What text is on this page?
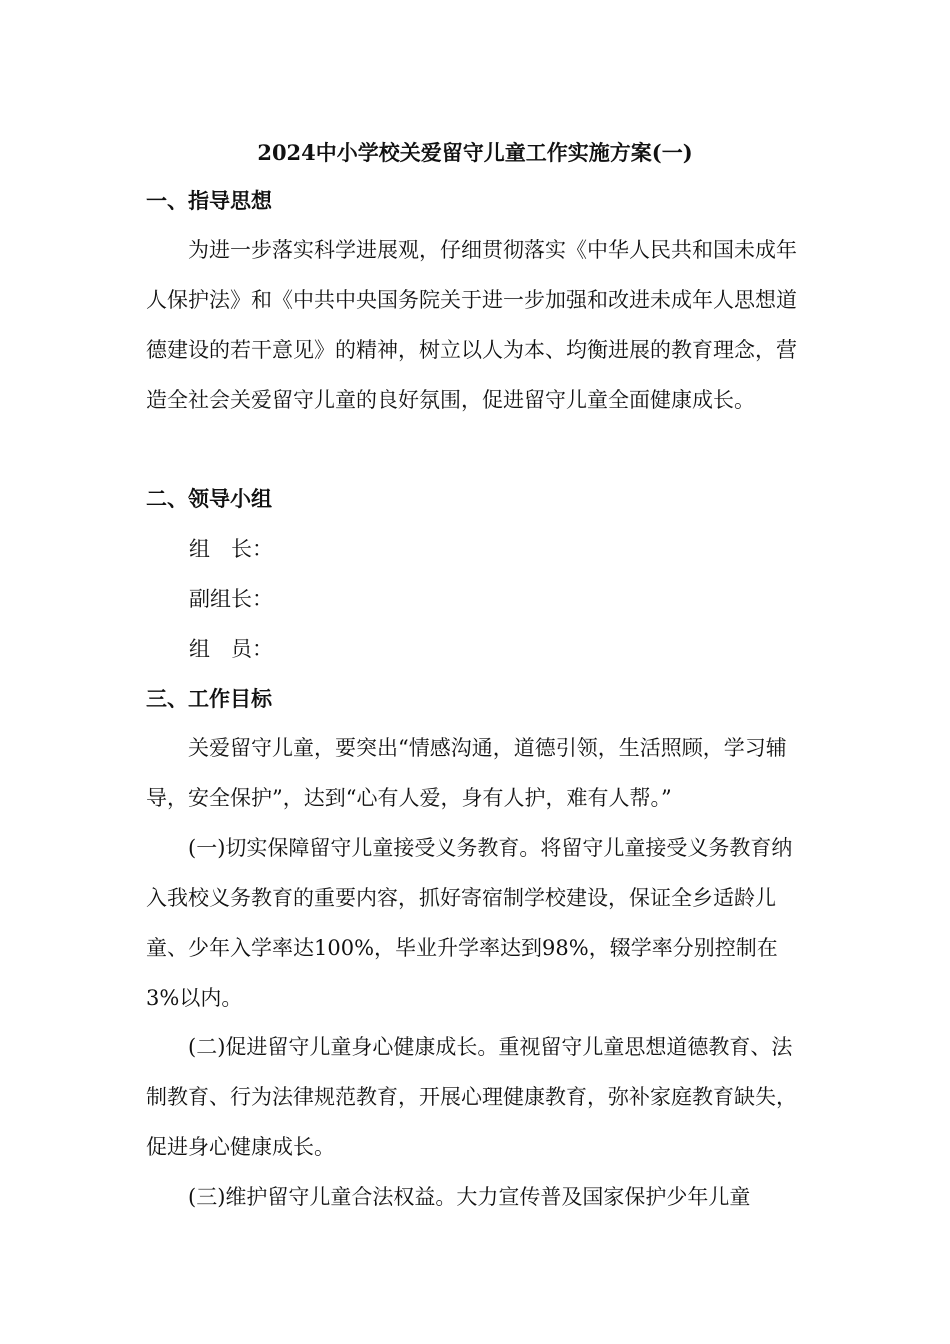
2024中小学校关爱留守儿童工作实施方案(一)
一、指导思想
为进一步落实科学进展观，仔细贯彻落实《中华人民共和国未成年人保护法》和《中共中央国务院关于进一步加强和改进未成年人思想道德建设的若干意见》的精神，树立以人为本、均衡进展的教育理念，营造全社会关爱留守儿童的良好氛围，促进留守儿童全面健康成长。
二、领导小组
组　长：
副组长：
组　员：
三、工作目标
关爱留守儿童，要突出“情感沟通，道德引领，生活照顾，学习辅导，安全保护”，达到“心有人爱，身有人护，难有人帮。”
(一)切实保障留守儿童接受义务教育。将留守儿童接受义务教育纳入我校义务教育的重要内容，抓好寄宿制学校建设，保证全乡适龄儿童、少年入学率达100%，毕业升学率达到98%，辍学率分别控制在3%以内。
(二)促进留守儿童身心健康成长。重视留守儿童思想道德教育、法制教育、行为法律规范教育，开展心理健康教育，弥补家庭教育缺失，促进身心健康成长。
(三)维护留守儿童合法权益。大力宣传普及国家保护少年儿童
